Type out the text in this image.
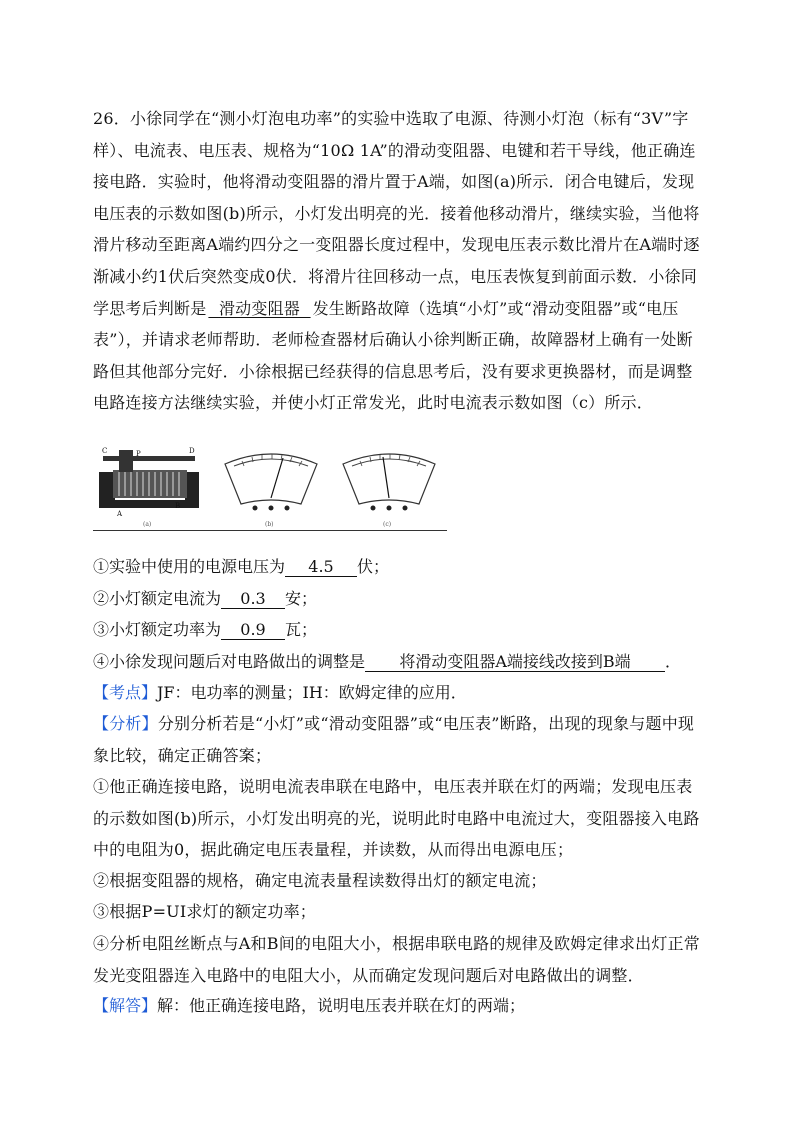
26．小徐同学在“测小灯泡电功率”的实验中选取了电源、待测小灯泡（标有“3V”字样）、电流表、电压表、规格为“10Ω 1A”的滑动变阻器、电键和若干导线，他正确连接电路．实验时，他将滑动变阻器的滑片置于A端，如图(a)所示．闭合电键后，发现电压表的示数如图(b)所示，小灯发出明亮的光．接着他移动滑片，继续实验，当他将滑片移动至距离A端约四分之一变阻器长度过程中，发现电压表示数比滑片在A端时逐渐减小约1伏后突然变成0伏．将滑片往回移动一点，电压表恢复到前面示数．小徐同学思考后判断是 滑动变阻器 发生断路故障（选填“小灯”或“滑动变阻器”或“电压表”），并请求老师帮助．老师检查器材后确认小徐判断正确，故障器材上确有一处断路但其他部分完好．小徐根据已经获得的信息思考后，没有要求更换器材，而是调整电路连接方法继续实验，并使小灯正常发光，此时电流表示数如图（c）所示．
P
C	D
A
B
(a)	(b)	(c)
①实验中使用的电源电压为 4.5 伏；
②小灯额定电流为 0.3 安；
③小灯额定功率为 0.9 瓦；
④小徐发现问题后对电路做出的调整是 将滑动变阻器A端接线改接到B端 ．
【考点】JF：电功率的测量；IH：欧姆定律的应用．
【分析】分别分析若是“小灯”或“滑动变阻器”或“电压表”断路，出现的现象与题中现象比较，确定正确答案；
①他正确连接电路，说明电流表串联在电路中，电压表并联在灯的两端；发现电压表的示数如图(b)所示，小灯发出明亮的光，说明此时电路中电流过大，变阻器接入电路中的电阻为0，据此确定电压表量程，并读数，从而得出电源电压；
②根据变阻器的规格，确定电流表量程读数得出灯的额定电流；
③根据P=UI求灯的额定功率；
④分析电阻丝断点与A和B间的电阻大小，根据串联电路的规律及欧姆定律求出灯正常发光变阻器连入电路中的电阻大小，从而确定发现问题后对电路做出的调整．
【解答】解：他正确连接电路，说明电压表并联在灯的两端；
